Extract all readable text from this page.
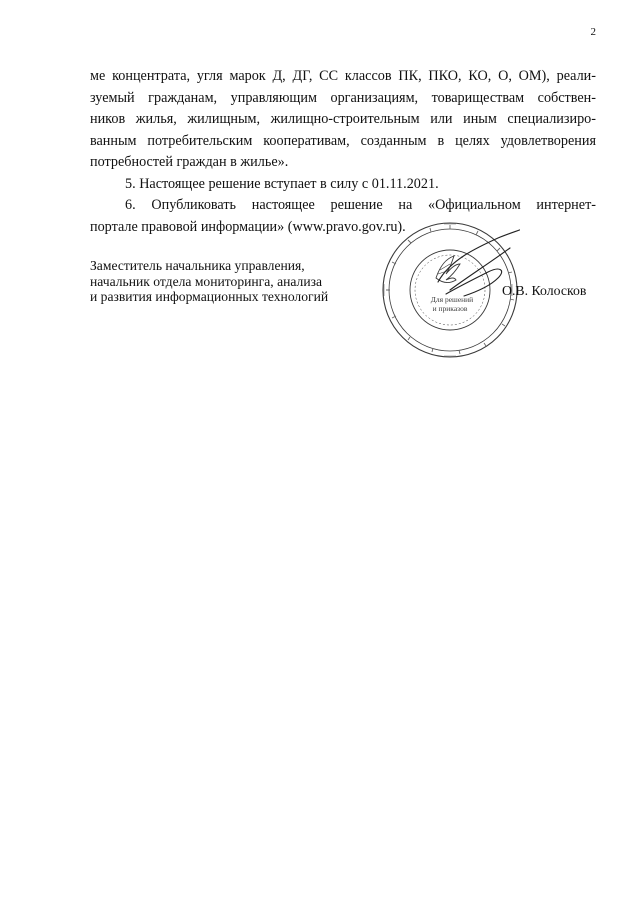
2
ме концентрата, угля марок Д, ДГ, СС классов ПК, ПКО, КО, О, ОМ), реали-
зуемый гражданам, управляющим организациям, товариществам собствен-
ников жилья, жилищным, жилищно-строительным или иным специализиро-
ванным потребительским кооперативам, созданным в целях удовлетворения
потребностей граждан в жилье».
5. Настоящее решение вступает в силу с 01.11.2021.
6. Опубликовать настоящее решение на «Официальном интернет-
портале правовой информации» (www.pravo.gov.ru).
Заместитель начальника управления,
начальник отдела мониторинга, анализа
и развития информационных технологий	Для решений
и приказов
О.В. Колосков
